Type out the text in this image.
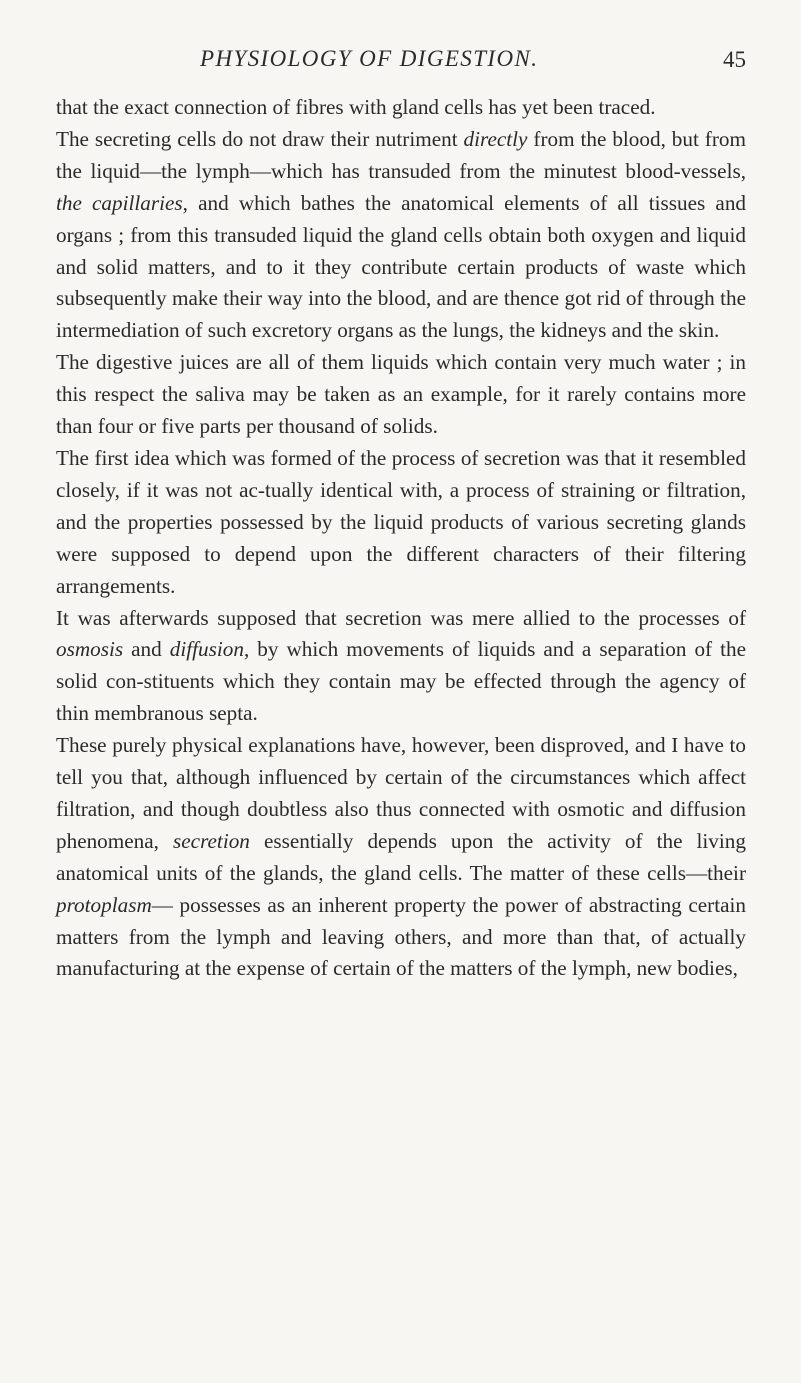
PHYSIOLOGY OF DIGESTION.	45

that the exact connection of fibres with gland cells has yet been traced.

The secreting cells do not draw their nutriment directly from the blood, but from the liquid—the lymph—which has transuded from the minutest blood-vessels, the capillaries, and which bathes the anatomical elements of all tissues and organs ; from this transuded liquid the gland cells obtain both oxygen and liquid and solid matters, and to it they contribute certain products of waste which subsequently make their way into the blood, and are thence got rid of through the intermediation of such excretory organs as the lungs, the kidneys and the skin.

The digestive juices are all of them liquids which contain very much water ; in this respect the saliva may be taken as an example, for it rarely contains more than four or five parts per thousand of solids.

The first idea which was formed of the process of secretion was that it resembled closely, if it was not ac-tually identical with, a process of straining or filtration, and the properties possessed by the liquid products of various secreting glands were supposed to depend upon the different characters of their filtering arrangements.

It was afterwards supposed that secretion was mere allied to the processes of osmosis and diffusion, by which movements of liquids and a separation of the solid con-stituents which they contain may be effected through the agency of thin membranous septa.

These purely physical explanations have, however, been disproved, and I have to tell you that, although influenced by certain of the circumstances which affect filtration, and though doubtless also thus connected with osmotic and diffusion phenomena, secretion essentially depends upon the activity of the living anatomical units of the glands, the gland cells. The matter of these cells—their protoplasm— possesses as an inherent property the power of abstracting certain matters from the lymph and leaving others, and more than that, of actually manufacturing at the expense of certain of the matters of the lymph, new bodies,
